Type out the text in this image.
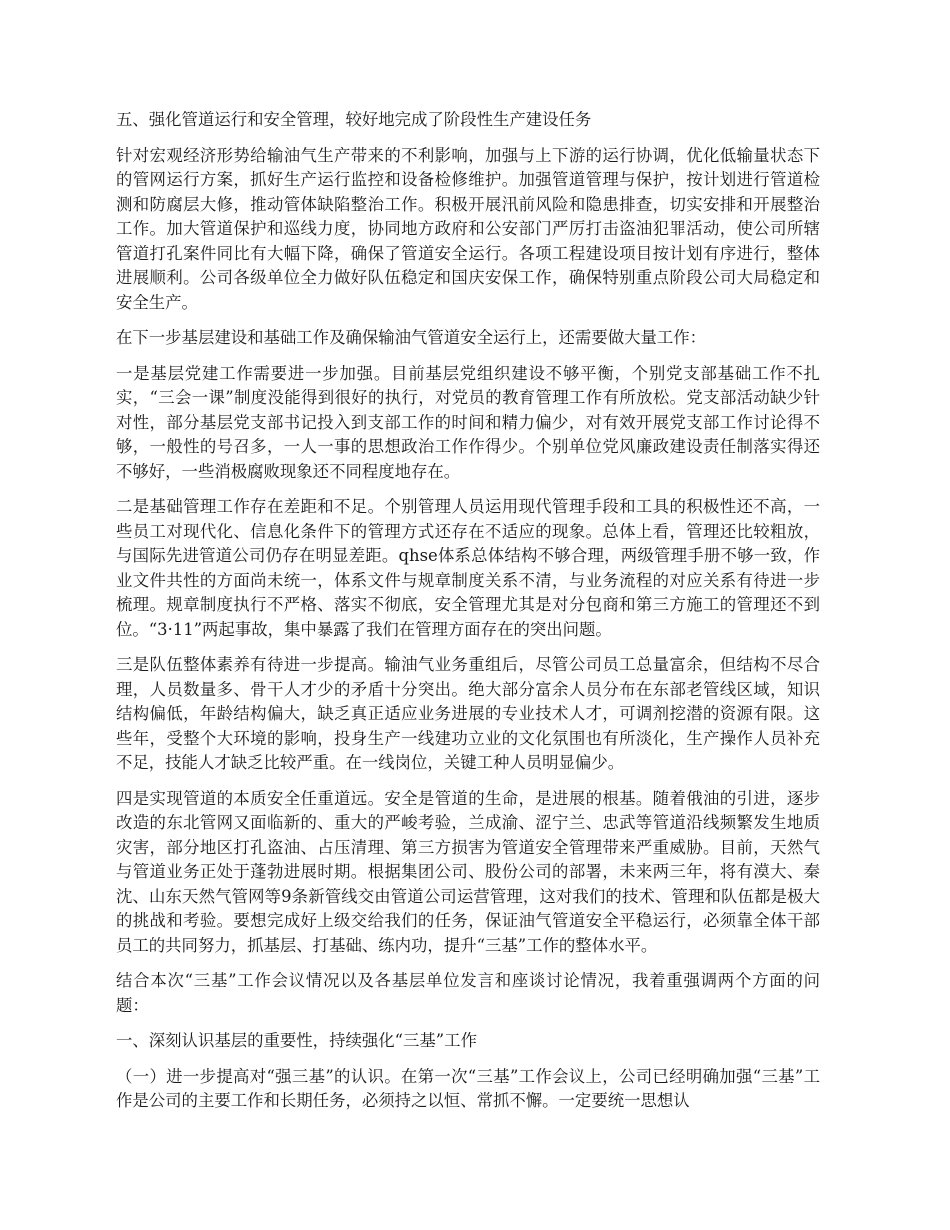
五、强化管道运行和安全管理，较好地完成了阶段性生产建设任务

针对宏观经济形势给输油气生产带来的不利影响，加强与上下游的运行协调，优化低输量状态下的管网运行方案，抓好生产运行监控和设备检修维护。加强管道管理与保护，按计划进行管道检测和防腐层大修，推动管体缺陷整治工作。积极开展汛前风险和隐患排查，切实安排和开展整治工作。加大管道保护和巡线力度，协同地方政府和公安部门严厉打击盗油犯罪活动，使公司所辖管道打孔案件同比有大幅下降，确保了管道安全运行。各项工程建设项目按计划有序进行，整体进展顺利。公司各级单位全力做好队伍稳定和国庆安保工作，确保特别重点阶段公司大局稳定和安全生产。

在下一步基层建设和基础工作及确保输油气管道安全运行上，还需要做大量工作：

一是基层党建工作需要进一步加强。目前基层党组织建设不够平衡，个别党支部基础工作不扎实，“三会一课”制度没能得到很好的执行，对党员的教育管理工作有所放松。党支部活动缺少针对性，部分基层党支部书记投入到支部工作的时间和精力偏少，对有效开展党支部工作讨论得不够，一般性的号召多，一人一事的思想政治工作作得少。个别单位党风廉政建设责任制落实得还不够好，一些消极腐败现象还不同程度地存在。

二是基础管理工作存在差距和不足。个别管理人员运用现代管理手段和工具的积极性还不高，一些员工对现代化、信息化条件下的管理方式还存在不适应的现象。总体上看，管理还比较粗放，与国际先进管道公司仍存在明显差距。qhse体系总体结构不够合理，两级管理手册不够一致，作业文件共性的方面尚未统一，体系文件与规章制度关系不清，与业务流程的对应关系有待进一步梳理。规章制度执行不严格、落实不彻底，安全管理尤其是对分包商和第三方施工的管理还不到位。“3·11”两起事故，集中暴露了我们在管理方面存在的突出问题。

三是队伍整体素养有待进一步提高。输油气业务重组后，尽管公司员工总量富余，但结构不尽合理，人员数量多、骨干人才少的矛盾十分突出。绝大部分富余人员分布在东部老管线区域，知识结构偏低，年龄结构偏大，缺乏真正适应业务进展的专业技术人才，可调剂挖潜的资源有限。这些年，受整个大环境的影响，投身生产一线建功立业的文化氛围也有所淡化，生产操作人员补充不足，技能人才缺乏比较严重。在一线岗位，关键工种人员明显偏少。

四是实现管道的本质安全任重道远。安全是管道的生命，是进展的根基。随着俄油的引进，逐步改造的东北管网又面临新的、重大的严峻考验，兰成渝、涩宁兰、忠武等管道沿线频繁发生地质灾害，部分地区打孔盗油、占压清理、第三方损害为管道安全管理带来严重威胁。目前，天然气与管道业务正处于蓬勃进展时期。根据集团公司、股份公司的部署，未来两三年，将有漠大、秦沈、山东天然气管网等9条新管线交由管道公司运营管理，这对我们的技术、管理和队伍都是极大的挑战和考验。要想完成好上级交给我们的任务，保证油气管道安全平稳运行，必须靠全体干部员工的共同努力，抓基层、打基础、练内功，提升“三基”工作的整体水平。

结合本次“三基”工作会议情况以及各基层单位发言和座谈讨论情况，我着重强调两个方面的问题：

一、深刻认识基层的重要性，持续强化“三基”工作

（一）进一步提高对“强三基”的认识。在第一次“三基”工作会议上，公司已经明确加强“三基”工作是公司的主要工作和长期任务，必须持之以恒、常抓不懈。一定要统一思想认
